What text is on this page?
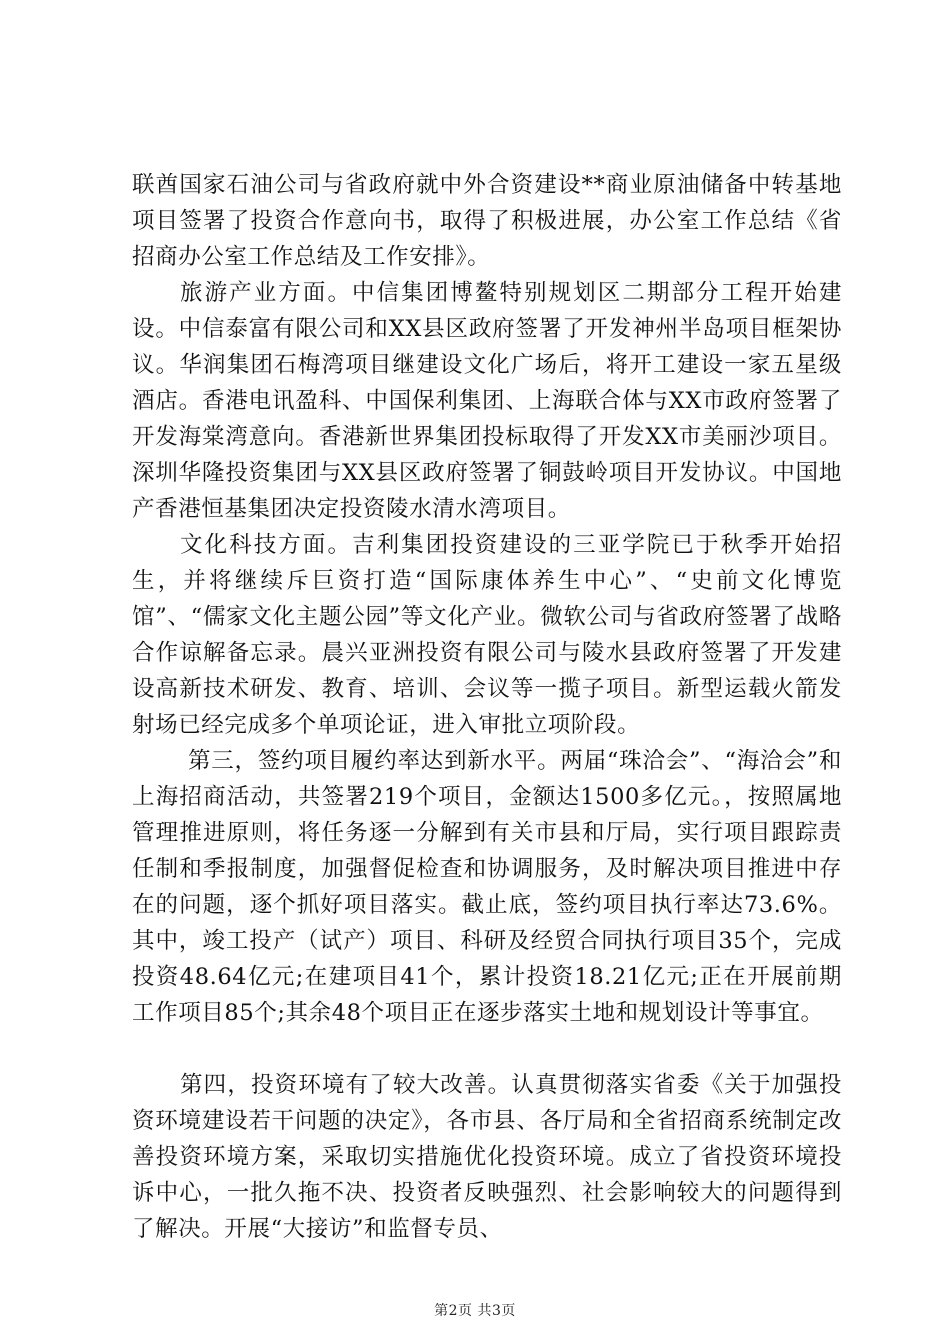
联酋国家石油公司与省政府就中外合资建设**商业原油储备中转基地项目签署了投资合作意向书，取得了积极进展，办公室工作总结《省招商办公室工作总结及工作安排》。

旅游产业方面。中信集团博鳌特别规划区二期部分工程开始建设。中信泰富有限公司和XX县区政府签署了开发神州半岛项目框架协议。华润集团石梅湾项目继建设文化广场后，将开工建设一家五星级酒店。香港电讯盈科、中国保利集团、上海联合体与XX市政府签署了开发海棠湾意向。香港新世界集团投标取得了开发XX市美丽沙项目。深圳华隆投资集团与XX县区政府签署了铜鼓岭项目开发协议。中国地产香港恒基集团决定投资陵水清水湾项目。

文化科技方面。吉利集团投资建设的三亚学院已于秋季开始招生，并将继续斥巨资打造“国际康体养生中心”、“史前文化博览馆”、“儒家文化主题公园”等文化产业。微软公司与省政府签署了战略合作谅解备忘录。晨兴亚洲投资有限公司与陵水县政府签署了开发建设高新技术研发、教育、培训、会议等一揽子项目。新型运载火箭发射场已经完成多个单项论证，进入审批立项阶段。

第三，签约项目履约率达到新水平。两届“珠洽会”、“海洽会”和上海招商活动，共签署219个项目，金额达1500多亿元。，按照属地管理推进原则，将任务逐一分解到有关市县和厅局，实行项目跟踪责任制和季报制度，加强督促检查和协调服务，及时解决项目推进中存在的问题，逐个抓好项目落实。截止底，签约项目执行率达73.6%。其中，竣工投产（试产）项目、科研及经贸合同执行项目35个，完成投资48.64亿元;在建项目41个，累计投资18.21亿元;正在开展前期工作项目85个;其余48个项目正在逐步落实土地和规划设计等事宜。

第四，投资环境有了较大改善。认真贯彻落实省委《关于加强投资环境建设若干问题的决定》，各市县、各厅局和全省招商系统制定改善投资环境方案，采取切实措施优化投资环境。成立了省投资环境投诉中心，一批久拖不决、投资者反映强烈、社会影响较大的问题得到了解决。开展“大接访”和监督专员、

第2页 共3页
